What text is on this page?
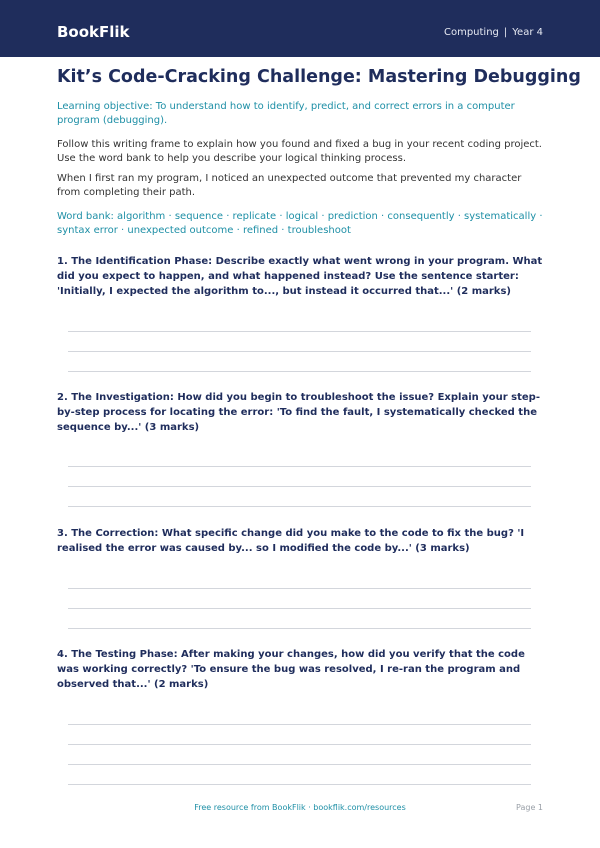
BookFlik	Computing | Year 4
Kit’s Code-Cracking Challenge: Mastering Debugging
Learning objective: To understand how to identify, predict, and correct errors in a computer program (debugging).
Follow this writing frame to explain how you found and fixed a bug in your recent coding project. Use the word bank to help you describe your logical thinking process.
When I first ran my program, I noticed an unexpected outcome that prevented my character from completing their path.
Word bank: algorithm · sequence · replicate · logical · prediction · consequently · systematically · syntax error · unexpected outcome · refined · troubleshoot
1. The Identification Phase: Describe exactly what went wrong in your program. What did you expect to happen, and what happened instead? Use the sentence starter: 'Initially, I expected the algorithm to..., but instead it occurred that...' (2 marks)
2. The Investigation: How did you begin to troubleshoot the issue? Explain your step-by-step process for locating the error: 'To find the fault, I systematically checked the sequence by...' (3 marks)
3. The Correction: What specific change did you make to the code to fix the bug? 'I realised the error was caused by... so I modified the code by...' (3 marks)
4. The Testing Phase: After making your changes, how did you verify that the code was working correctly? 'To ensure the bug was resolved, I re-ran the program and observed that...' (2 marks)
Free resource from BookFlik · bookflik.com/resources	Page 1
